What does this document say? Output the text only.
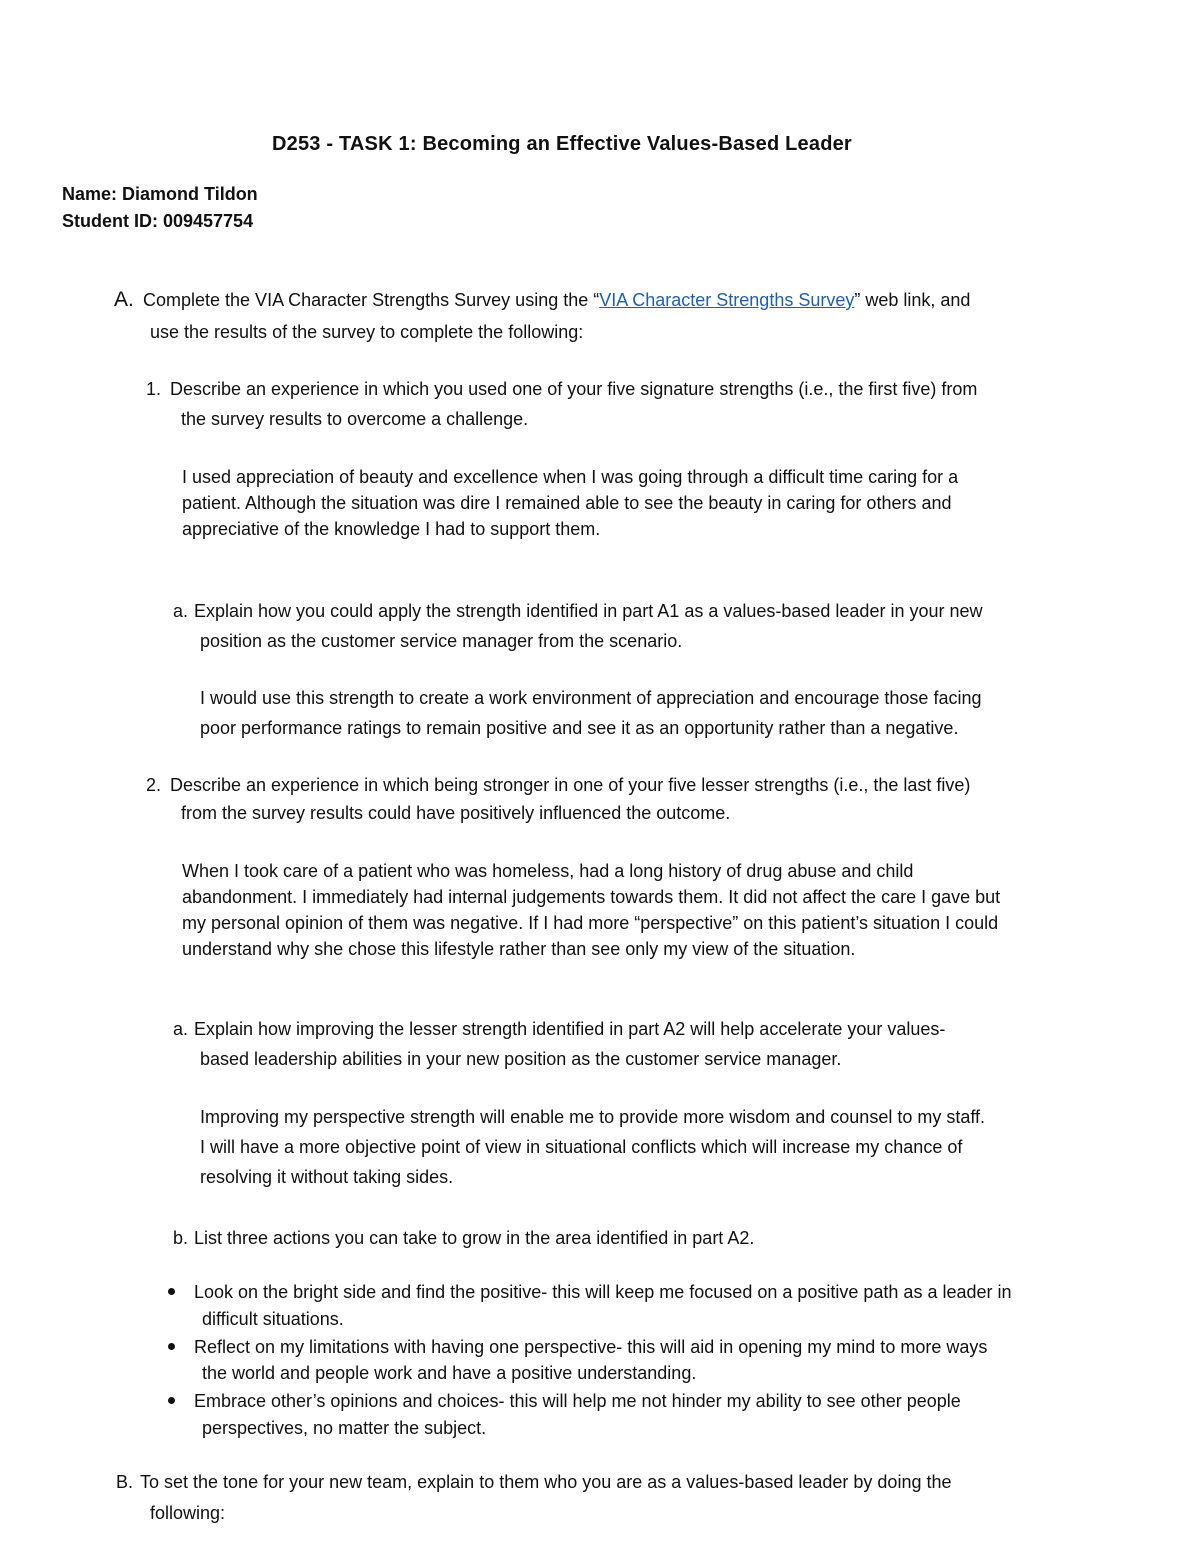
D253 - TASK 1: Becoming an Effective Values-Based Leader
Name: Diamond Tildon
Student ID: 009457754
A. Complete the VIA Character Strengths Survey using the “VIA Character Strengths Survey” web link, and
use the results of the survey to complete the following:
1. Describe an experience in which you used one of your five signature strengths (i.e., the first five) from
the survey results to overcome a challenge.
I used appreciation of beauty and excellence when I was going through a difficult time caring for a
patient. Although the situation was dire I remained able to see the beauty in caring for others and
appreciative of the knowledge I had to support them.
a. Explain how you could apply the strength identified in part A1 as a values-based leader in your new
position as the customer service manager from the scenario.
I would use this strength to create a work environment of appreciation and encourage those facing
poor performance ratings to remain positive and see it as an opportunity rather than a negative.
2. Describe an experience in which being stronger in one of your five lesser strengths (i.e., the last five)
from the survey results could have positively influenced the outcome.
When I took care of a patient who was homeless, had a long history of drug abuse and child
abandonment. I immediately had internal judgements towards them. It did not affect the care I gave but
my personal opinion of them was negative. If I had more “perspective” on this patient’s situation I could
understand why she chose this lifestyle rather than see only my view of the situation.
a. Explain how improving the lesser strength identified in part A2 will help accelerate your values-
based leadership abilities in your new position as the customer service manager.
Improving my perspective strength will enable me to provide more wisdom and counsel to my staff.
I will have a more objective point of view in situational conflicts which will increase my chance of
resolving it without taking sides.
b. List three actions you can take to grow in the area identified in part A2.
Look on the bright side and find the positive- this will keep me focused on a positive path as a leader in
difficult situations.
Reflect on my limitations with having one perspective- this will aid in opening my mind to more ways
the world and people work and have a positive understanding.
Embrace other’s opinions and choices- this will help me not hinder my ability to see other people
perspectives, no matter the subject.
B. To set the tone for your new team, explain to them who you are as a values-based leader by doing the
following:
